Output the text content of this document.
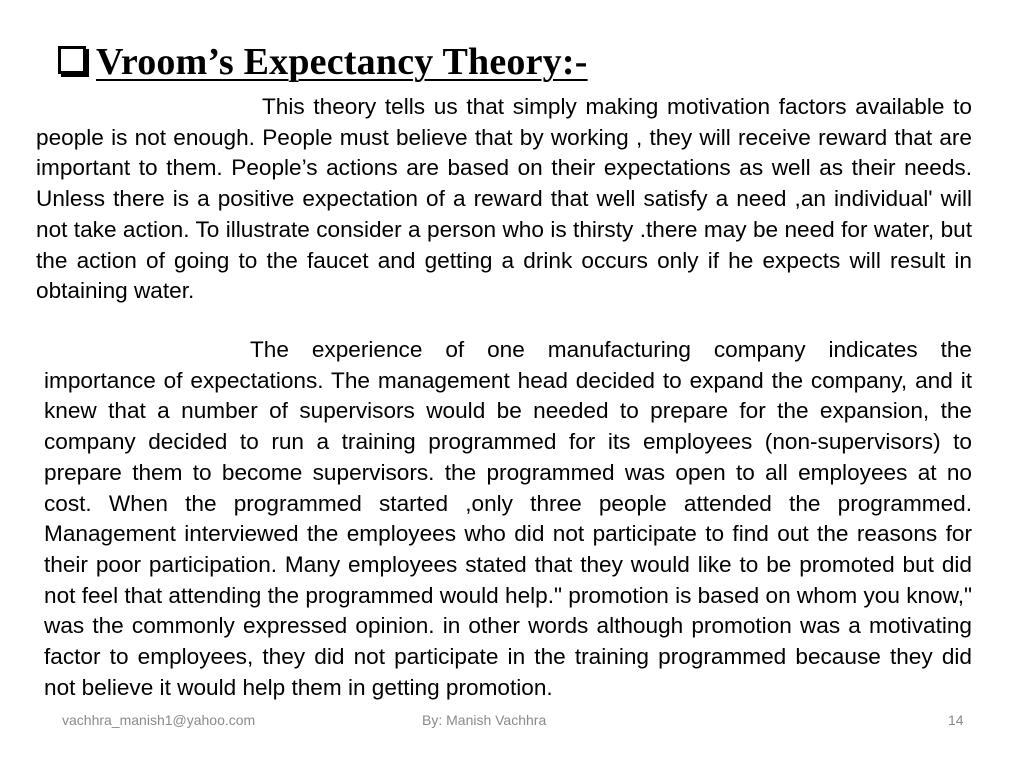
Vroom’s Expectancy Theory:-

This theory tells us that simply making motivation factors available to people is not enough. People must believe that by working , they will receive reward that are important to them. People’s actions are based on their expectations as well as their needs. Unless there is a positive expectation of a reward that well satisfy a need ,an individual' will not take action. To illustrate consider a person who is thirsty .there may be need for water, but the action of going to the faucet and getting a drink occurs only if he expects will result in obtaining water.

The experience of one manufacturing company indicates the importance of expectations. The management head decided to expand the company, and it knew that a number of supervisors would be needed to prepare for the expansion, the company decided to run a training programmed for its employees (non-supervisors) to prepare them to become supervisors. the programmed was open to all employees at no cost. When the programmed started ,only three people attended the programmed. Management interviewed the employees who did not participate to find out the reasons for their poor participation. Many employees stated that they would like to be promoted but did not feel that attending the programmed would help." promotion is based on whom you know," was the commonly expressed opinion. in other words although promotion was a motivating factor to employees, they did not participate in the training programmed because they did not believe it would help them in getting promotion.

vachhra_manish1@yahoo.com	By: Manish Vachhra	14
